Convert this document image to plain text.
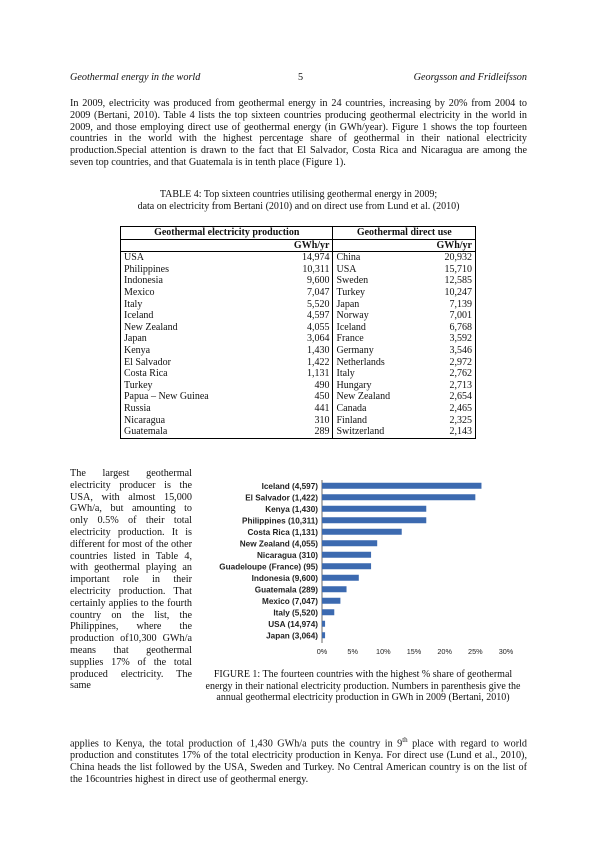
Geothermal energy in the world	5	Georgsson and Fridleifsson

In 2009, electricity was produced from geothermal energy in 24 countries, increasing by 20% from 2004 to 2009 (Bertani, 2010). Table 4 lists the top sixteen countries producing geothermal electricity in the world in 2009, and those employing direct use of geothermal energy (in GWh/year). Figure 1 shows the top fourteen countries in the world with the highest percentage share of geothermal in their national electricity production.Special attention is drawn to the fact that El Salvador, Costa Rica and Nicaragua are among the seven top countries, and that Guatemala is in tenth place (Figure 1).

TABLE 4: Top sixteen countries utilising geothermal energy in 2009;
data on electricity from Bertani (2010) and on direct use from Lund et al. (2010)
Geothermal electricity production		Geothermal direct use	
	GWh/yr		GWh/yr
USA	14,974	China	20,932
Philippines	10,311	USA	15,710
Indonesia	9,600	Sweden	12,585
Mexico	7,047	Turkey	10,247
Italy	5,520	Japan	7,139
Iceland	4,597	Norway	7,001
New Zealand	4,055	Iceland	6,768
Japan	3,064	France	3,592
Kenya	1,430	Germany	3,546
El Salvador	1,422	Netherlands	2,972
Costa Rica	1,131	Italy	2,762
Turkey	490	Hungary	2,713
Papua – New Guinea	450	New Zealand	2,654
Russia	441	Canada	2,465
Nicaragua	310	Finland	2,325
Guatemala	289	Switzerland	2,143

The largest geothermal electricity producer is the USA, with almost 15,000 GWh/a, but amounting to only 0.5% of their total electricity production. It is different for most of the other countries listed in Table 4, with geothermal playing an important role in their electricity production. That certainly applies to the fourth country on the list, the Philippines, where the production of10,300 GWh/a means that geothermal supplies 17% of the total produced electricity. The same

Iceland (4,597)
El Salvador (1,422)
Kenya (1,430)
Philippines (10,311)
Costa Rica (1,131)
New Zealand (4,055)
Nicaragua (310)
Guadeloupe (France) (95)
Indonesia (9,600)
Guatemala (289)
Mexico (7,047)
Italy (5,520)
USA (14,974)
Japan (3,064)
0%	5% 10% 15% 20% 25% 30%
FIGURE 1: The fourteen countries with the highest % share of geothermal energy in their national electricity production. Numbers in parenthesis give the annual geothermal electricity production in GWh in 2009 (Bertani, 2010)

applies to Kenya, the total production of 1,430 GWh/a puts the country in 9th place with regard to world production and constitutes 17% of the total electricity production in Kenya. For direct use (Lund et al., 2010), China heads the list followed by the USA, Sweden and Turkey. No Central American country is on the list of the 16countries highest in direct use of geothermal energy.
